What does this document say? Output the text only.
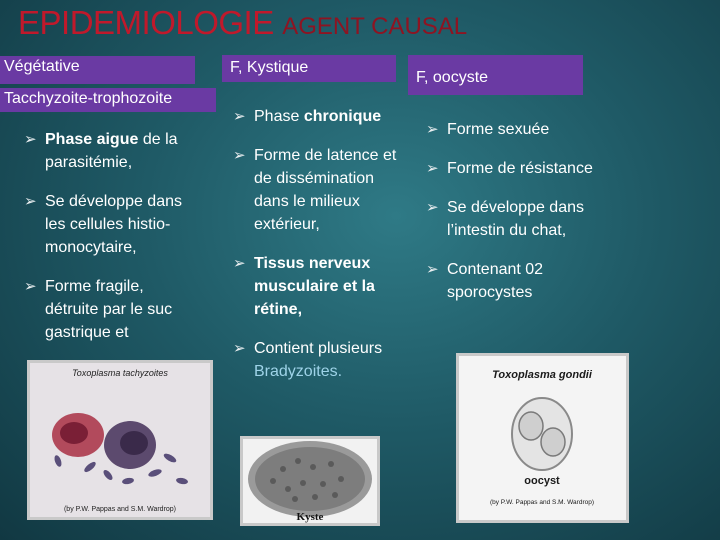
EPIDEMIOLOGIE AGENT CAUSAL
Végétative
Tacchyzoite-trophozoite
➢ Phase aigue de la parasitémie,
➢ Se développe dans les cellules histio-monocytaire,
➢ Forme fragile, détruite par le suc gastrique et
Toxoplasma tachyzoites
(by P.W. Pappas and S.M. Wardrop)
F, Kystique
➢ Phase chronique
➢ Forme de latence et de dissémination dans le milieux extérieur,
➢ Tissus nerveux musculaire et la rétine,
➢ Contient plusieurs Bradyzoites.
Kyste
F, oocyste
➢ Forme sexuée
➢ Forme de résistance
➢ Se développe dans l’intestin du chat,
➢ Contenant 02 sporocystes
Toxoplasma gondii
oocyst
(by P.W. Pappas and S.M. Wardrop)
